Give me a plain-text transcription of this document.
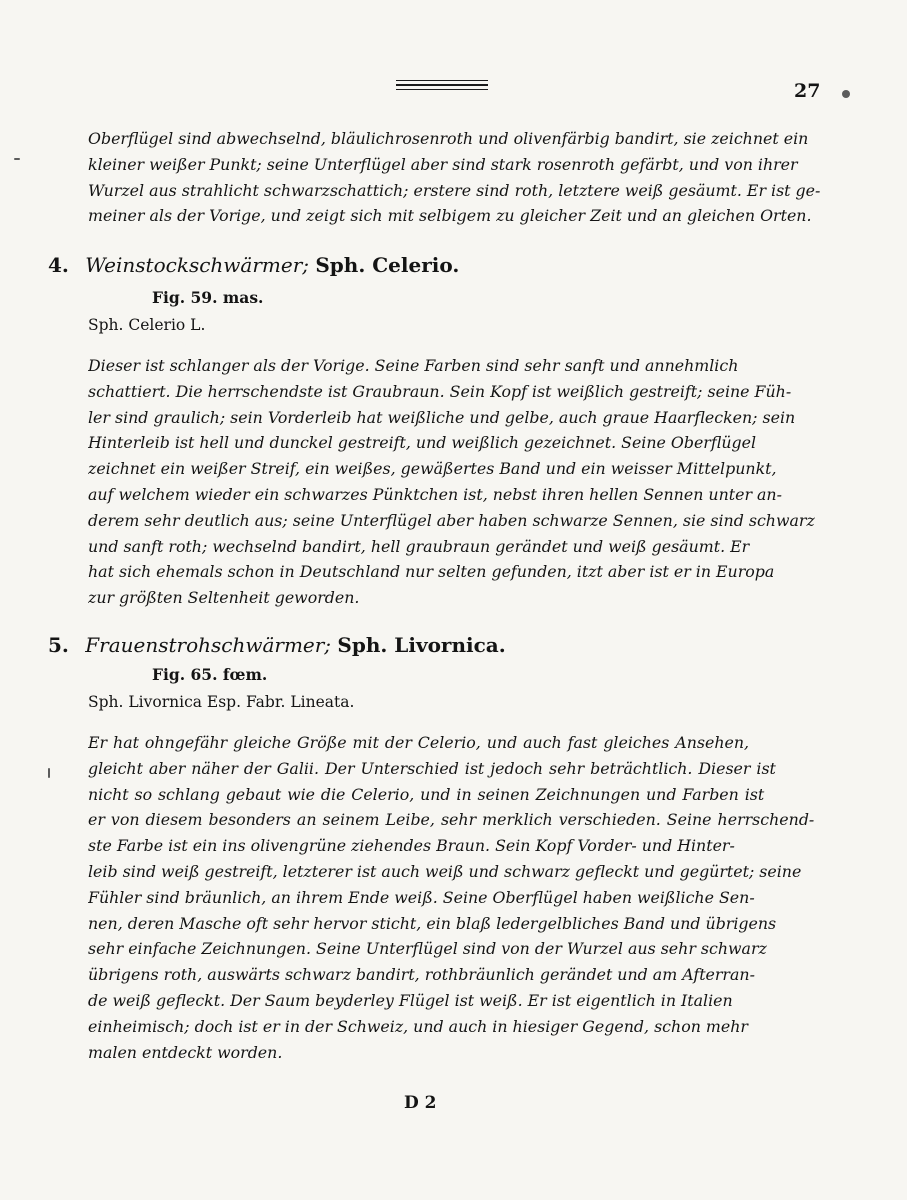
27
Oberflügel sind abwechselnd, bläulichrosenroth und olivenfärbig bandirt, sie zeichnet ein
kleiner weißer Punkt; seine Unterflügel aber sind stark rosenroth gefärbt, und von ihrer
Wurzel aus strahlicht schwarzschattich; erstere sind roth, letztere weiß gesäumt. Er ist ge-
meiner als der Vorige, und zeigt sich mit selbigem zu gleicher Zeit und an gleichen Orten.
4. Weinstockschwärmer; Sph. Celerio.
Fig. 59. mas.
Sph. Celerio L.
Dieser ist schlanger als der Vorige. Seine Farben sind sehr sanft und annehmlich
schattiert. Die herrschendste ist Graubraun. Sein Kopf ist weißlich gestreift; seine Füh-
ler sind graulich; sein Vorderleib hat weißliche und gelbe, auch graue Haarflecken; sein
Hinterleib ist hell und dunckel gestreift, und weißlich gezeichnet. Seine Oberflügel
zeichnet ein weißer Streif, ein weißes, gewäßertes Band und ein weisser Mittelpunkt,
auf welchem wieder ein schwarzes Pünktchen ist, nebst ihren hellen Sennen unter an-
derem sehr deutlich aus; seine Unterflügel aber haben schwarze Sennen, sie sind schwarz
und sanft roth; wechselnd bandirt, hell graubraun gerändet und weiß gesäumt. Er
hat sich ehemals schon in Deutschland nur selten gefunden, itzt aber ist er in Europa
zur größten Seltenheit geworden.
5. Frauenstrohschwärmer; Sph. Livornica.
Fig. 65. fœm.
Sph. Livornica Esp. Fabr. Lineata.
Er hat ohngefähr gleiche Größe mit der Celerio, und auch fast gleiches Ansehen,
gleicht aber näher der Galii. Der Unterschied ist jedoch sehr beträchtlich. Dieser ist
nicht so schlang gebaut wie die Celerio, und in seinen Zeichnungen und Farben ist
er von diesem besonders an seinem Leibe, sehr merklich verschieden. Seine herrschend-
ste Farbe ist ein ins olivengrüne ziehendes Braun. Sein Kopf Vorder- und Hinter-
leib sind weiß gestreift, letzterer ist auch weiß und schwarz gefleckt und gegürtet; seine
Fühler sind bräunlich, an ihrem Ende weiß. Seine Oberflügel haben weißliche Sen-
nen, deren Masche oft sehr hervor sticht, ein blaß ledergelbliches Band und übrigens
sehr einfache Zeichnungen. Seine Unterflügel sind von der Wurzel aus sehr schwarz
übrigens roth, auswärts schwarz bandirt, rothbräunlich gerändet und am Afterran-
de weiß gefleckt. Der Saum beyderley Flügel ist weiß. Er ist eigentlich in Italien
einheimisch; doch ist er in der Schweiz, und auch in hiesiger Gegend, schon mehr
malen entdeckt worden.
D 2
